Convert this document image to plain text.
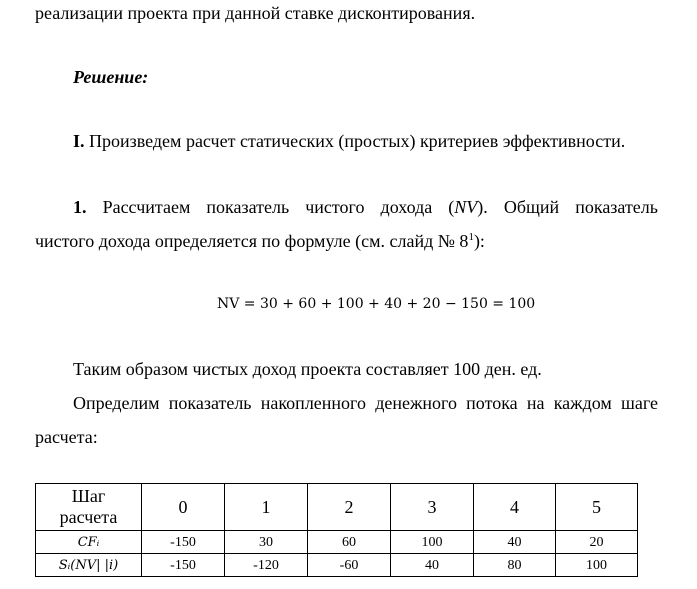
реализации проекта при данной ставке дисконтирования.
Решение:
I. Произведем расчет статических (простых) критериев эффективности.
1. Рассчитаем показатель чистого дохода (NV). Общий показатель
чистого дохода определяется по формуле (см. слайд № $8^1$):
NV = 30 + 60 + 100 + 40 + 20 − 150 = 100
Таким образом чистых доход проекта составляет 100 ден. ед.
Определим показатель накопленного денежного потока на каждом шаге
расчета:
Шаг
расчета	0	1	2	3	4	5
CFᵢ	-150	30	60	100	40	20
Sᵢ(NV| |i)	-150	-120	-60	40	80	100
